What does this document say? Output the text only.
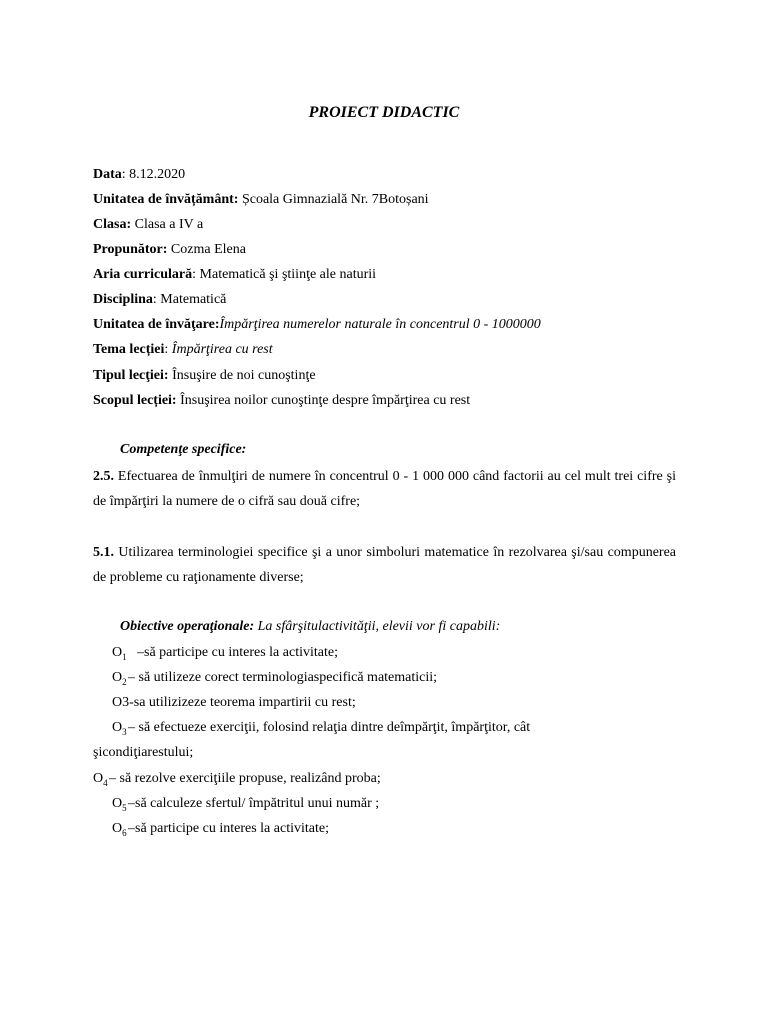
PROIECT DIDACTIC
Data: 8.12.2020
Unitatea de învățământ: Școala Gimnazială Nr. 7Botoșani
Clasa: Clasa a IV a
Propunător: Cozma Elena
Aria curriculară: Matematică şi ştiinţe ale naturii
Disciplina: Matematică
Unitatea de învăţare:Împărţirea numerelor naturale în concentrul 0 - 1000000
Tema lecției: Împărţirea cu rest
Tipul lecţiei: Însuşire de noi cunoştinţe
Scopul lecției: Însuşirea noilor cunoştinţe despre împărţirea cu rest
Competenţe specifice:
2.5. Efectuarea de înmulţiri de numere în concentrul 0 - 1 000 000 când factorii au cel mult trei cifre şi de împărţiri la numere de o cifră sau două cifre;
5.1. Utilizarea terminologiei specifice şi a unor simboluri matematice în rezolvarea şi/sau compunerea de probleme cu raţionamente diverse;
Obiective operaţionale: La sfârşitulactivităţii, elevii vor fi capabili:
$O_1$ –să participe cu interes la activitate;
$O_2-$ să utilizeze corect terminologiaspecifică matematicii;
O3-sa utilizizeze teorema impartirii cu rest;
$O_3-$ să efectueze exerciţii, folosind relaţia dintre deîmpărţit, împărţitor, cât
şicondiţiarestului;
$O_4-$ să rezolve exerciţiile propuse, realizând proba;
$O_5-să$ calculeze sfertul/ împătritul unui număr ;
$O_6-să$ participe cu interes la activitate;
